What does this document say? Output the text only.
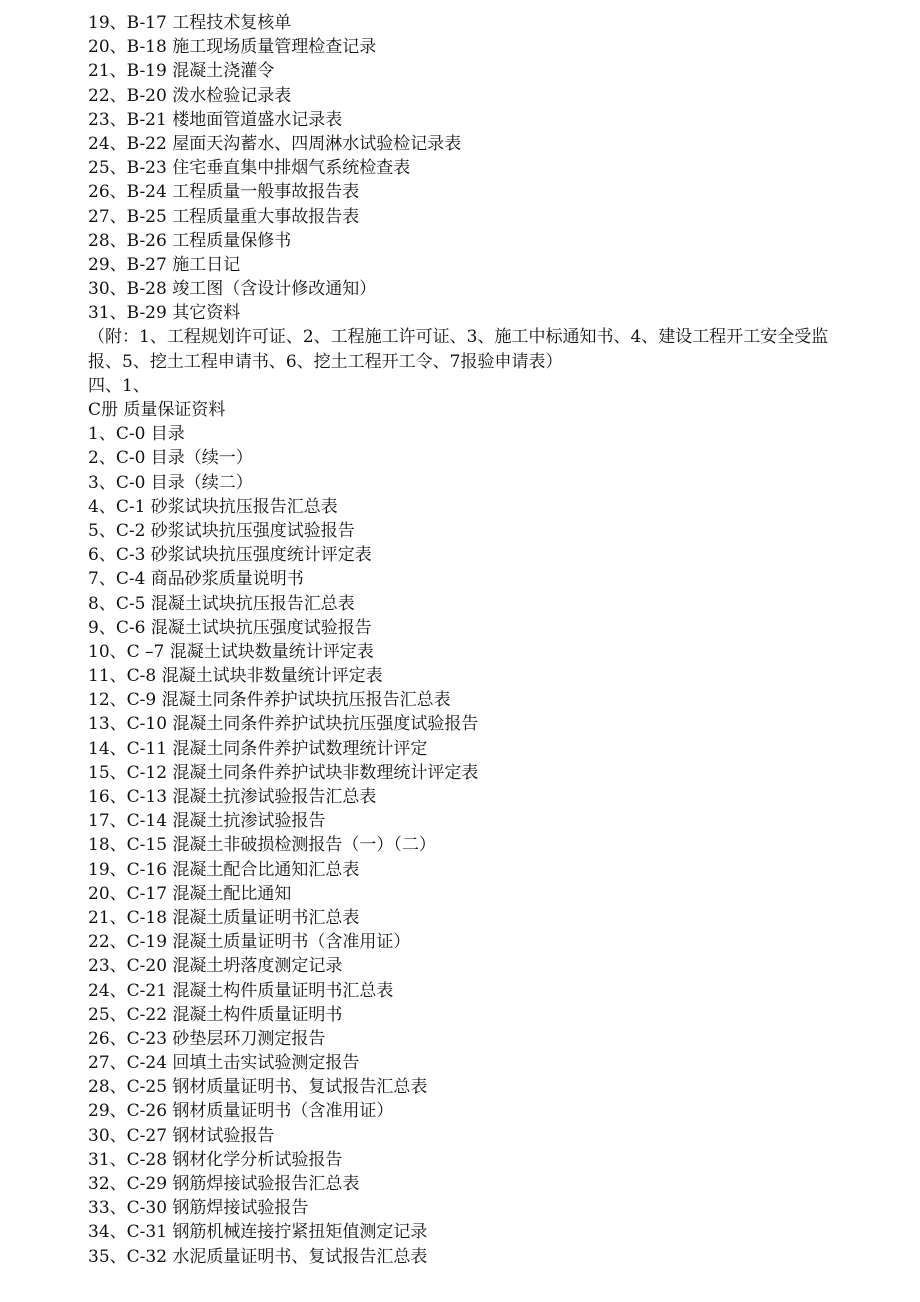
19、B-17 工程技术复核单
20、B-18 施工现场质量管理检查记录
21、B-19 混凝土浇灌令
22、B-20 泼水检验记录表
23、B-21 楼地面管道盛水记录表
24、B-22 屋面天沟蓄水、四周淋水试验检记录表
25、B-23 住宅垂直集中排烟气系统检查表
26、B-24 工程质量一般事故报告表
27、B-25 工程质量重大事故报告表
28、B-26 工程质量保修书
29、B-27 施工日记
30、B-28 竣工图（含设计修改通知）
31、B-29 其它资料
（附：1、工程规划许可证、2、工程施工许可证、3、施工中标通知书、4、建设工程开工安全受监报、5、挖土工程申请书、6、挖土工程开工令、7报验申请表）
四、1、
C册 质量保证资料
1、C-0 目录
2、C-0 目录（续一）
3、C-0 目录（续二）
4、C-1 砂浆试块抗压报告汇总表
5、C-2 砂浆试块抗压强度试验报告
6、C-3 砂浆试块抗压强度统计评定表
7、C-4 商品砂浆质量说明书
8、C-5 混凝土试块抗压报告汇总表
9、C-6 混凝土试块抗压强度试验报告
10、C –7 混凝土试块数量统计评定表
11、C-8 混凝土试块非数量统计评定表
12、C-9 混凝土同条件养护试块抗压报告汇总表
13、C-10 混凝土同条件养护试块抗压强度试验报告
14、C-11 混凝土同条件养护试数理统计评定
15、C-12 混凝土同条件养护试块非数理统计评定表
16、C-13 混凝土抗渗试验报告汇总表
17、C-14 混凝土抗渗试验报告
18、C-15 混凝土非破损检测报告（一）（二）
19、C-16 混凝土配合比通知汇总表
20、C-17 混凝土配比通知
21、C-18 混凝土质量证明书汇总表
22、C-19 混凝土质量证明书（含准用证）
23、C-20 混凝土坍落度测定记录
24、C-21 混凝土构件质量证明书汇总表
25、C-22 混凝土构件质量证明书
26、C-23 砂垫层环刀测定报告
27、C-24 回填土击实试验测定报告
28、C-25 钢材质量证明书、复试报告汇总表
29、C-26 钢材质量证明书（含准用证）
30、C-27 钢材试验报告
31、C-28 钢材化学分析试验报告
32、C-29 钢筋焊接试验报告汇总表
33、C-30 钢筋焊接试验报告
34、C-31 钢筋机械连接拧紧扭矩值测定记录
35、C-32 水泥质量证明书、复试报告汇总表
